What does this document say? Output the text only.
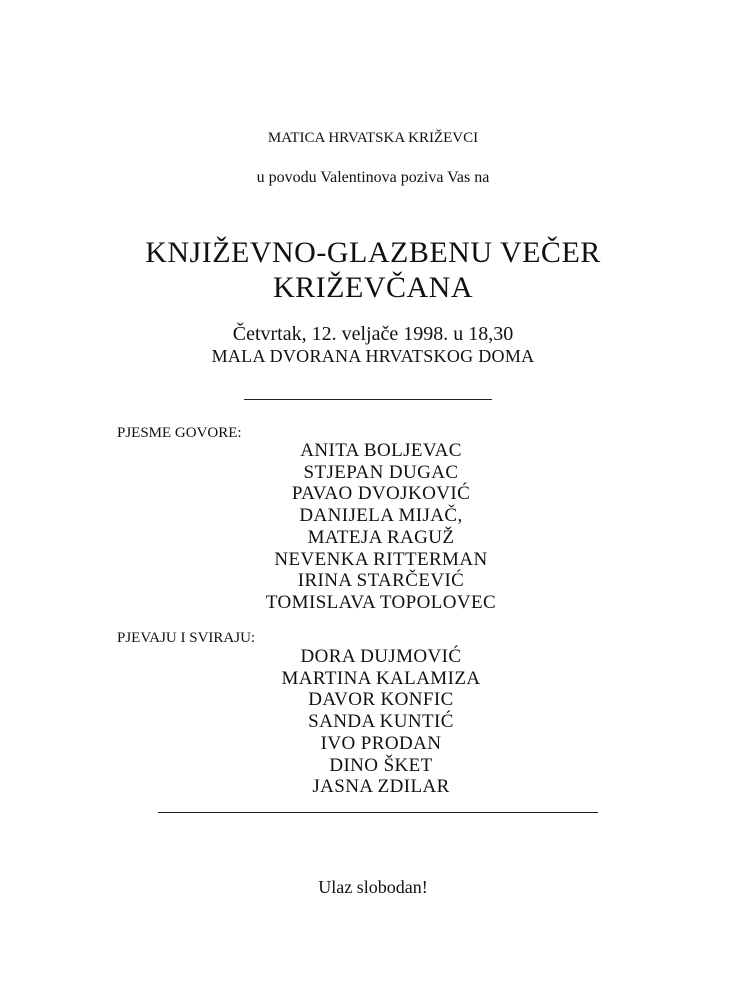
MATICA HRVATSKA KRIŽEVCI
u povodu Valentinova poziva Vas na
KNJIŽEVNO-GLAZBENU VEČER
KRIŽEVČANA
Četvrtak, 12. veljače 1998. u 18,30
MALA DVORANA HRVATSKOG DOMA
PJESME GOVORE:
ANITA BOLJEVAC
STJEPAN DUGAC
PAVAO DVOJKOVIĆ
DANIJELA MIJAČ,
MATEJA RAGUŽ
NEVENKA RITTERMAN
IRINA STARČEVIĆ
TOMISLAVA TOPOLOVEC
PJEVAJU I SVIRAJU:
DORA DUJMOVIĆ
MARTINA KALAMIZA
DAVOR KONFIC
SANDA KUNTIĆ
IVO PRODAN
DINO ŠKET
JASNA ZDILAR
Ulaz slobodan!
